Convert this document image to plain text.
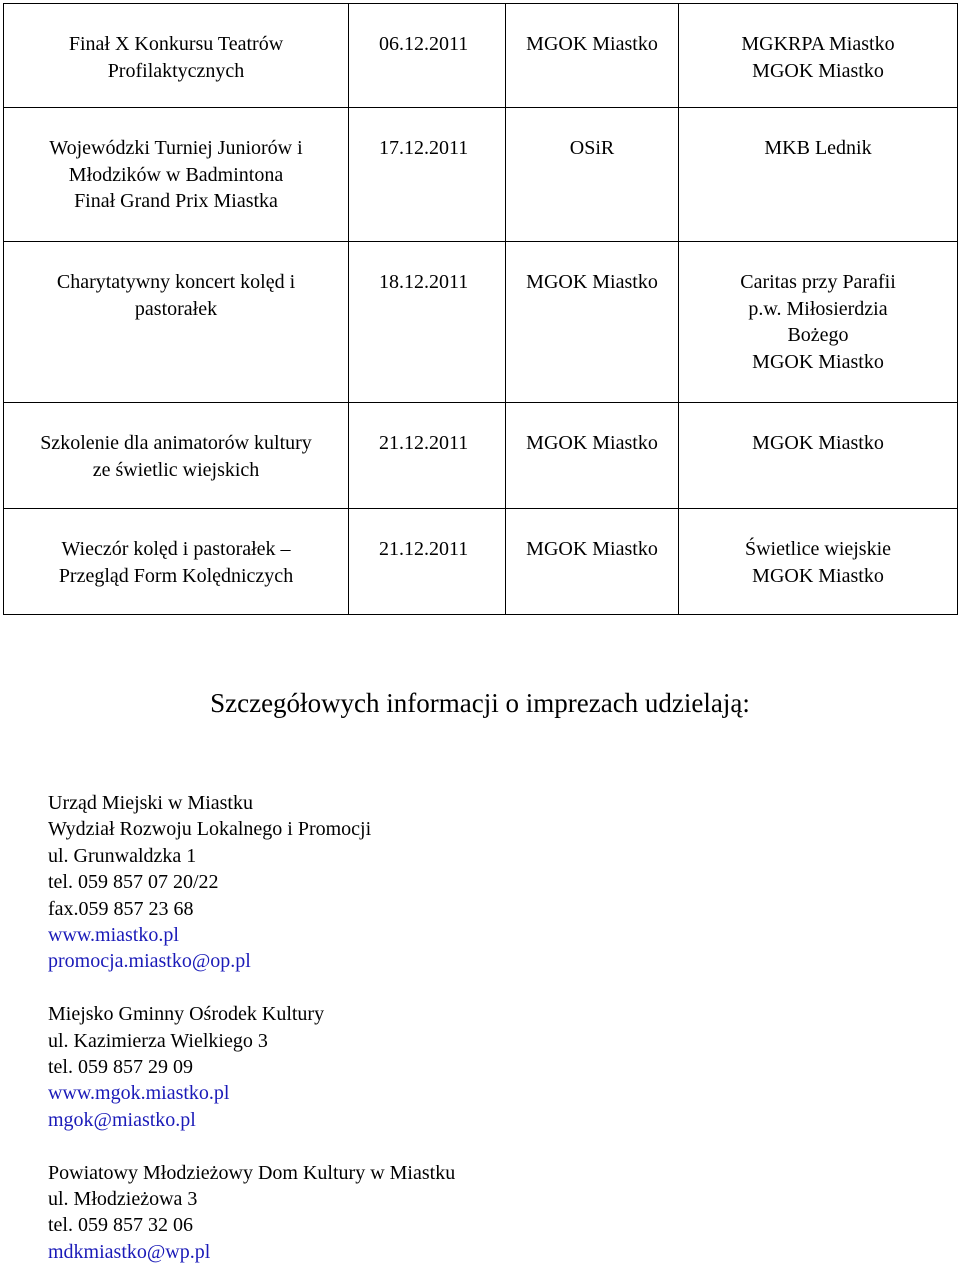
Finał X Konkursu Teatrów
Profilaktycznych	06.12.2011	MGOK Miastko	MGKRPA Miastko
MGOK Miastko

Wojewódzki Turniej Juniorów i
Młodzików w Badmintona
Finał Grand Prix Miastka	17.12.2011	OSiR	MKB Lednik

Charytatywny koncert kolęd i
pastorałek	18.12.2011	MGOK Miastko	Caritas przy Parafii
p.w. Miłosierdzia
Bożego
MGOK Miastko

Szkolenie dla animatorów kultury
ze świetlic wiejskich	21.12.2011	MGOK Miastko	MGOK Miastko

Wieczór kolęd i pastorałek –
Przegląd Form Kolędniczych	21.12.2011	MGOK Miastko	Świetlice wiejskie
MGOK Miastko
Szczegółowych informacji o imprezach udzielają:
Urząd Miejski w Miastku
Wydział Rozwoju Lokalnego i Promocji
ul. Grunwaldzka 1
tel. 059 857 07 20/22
fax.059 857 23 68
www.miastko.pl
promocja.miastko@op.pl
Miejsko Gminny Ośrodek Kultury
ul. Kazimierza Wielkiego 3
tel. 059 857 29 09
www.mgok.miastko.pl
mgok@miastko.pl
Powiatowy Młodzieżowy Dom Kultury w Miastku
ul. Młodzieżowa 3
tel. 059 857 32 06
mdkmiastko@wp.pl
